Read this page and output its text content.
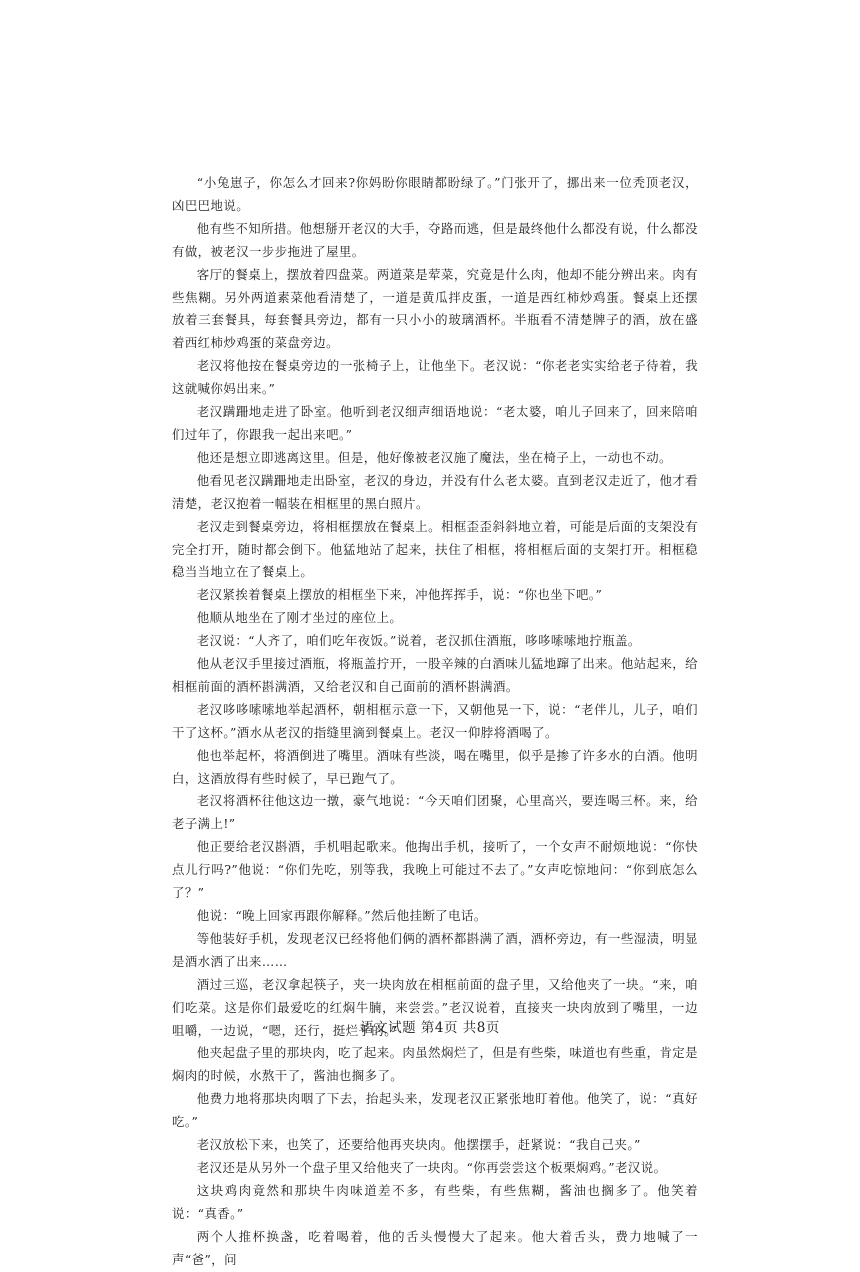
“小兔崽子，你怎么才回来?你妈盼你眼睛都盼绿了。”门张开了，挪出来一位秃顶老汉，凶巴巴地说。

他有些不知所措。他想掰开老汉的大手，夺路而逃，但是最终他什么都没有说，什么都没有做，被老汉一步步拖进了屋里。

客厅的餐桌上，摆放着四盘菜。两道菜是荤菜，究竟是什么肉，他却不能分辨出来。肉有些焦糊。另外两道素菜他看清楚了，一道是黄瓜拌皮蛋，一道是西红柿炒鸡蛋。餐桌上还摆放着三套餐具，每套餐具旁边，都有一只小小的玻璃酒杯。半瓶看不清楚牌子的酒，放在盛着西红柿炒鸡蛋的菜盘旁边。

老汉将他按在餐桌旁边的一张椅子上，让他坐下。老汉说：“你老老实实给老子待着，我这就喊你妈出来。”

老汉蹒跚地走进了卧室。他听到老汉细声细语地说：“老太婆，咱儿子回来了，回来陪咱们过年了，你跟我一起出来吧。”

他还是想立即逃离这里。但是，他好像被老汉施了魔法，坐在椅子上，一动也不动。

他看见老汉蹒跚地走出卧室，老汉的身边，并没有什么老太婆。直到老汉走近了，他才看清楚，老汉抱着一幅装在相框里的黑白照片。

老汉走到餐桌旁边，将相框摆放在餐桌上。相框歪歪斜斜地立着，可能是后面的支架没有完全打开，随时都会倒下。他猛地站了起来，扶住了相框，将相框后面的支架打开。相框稳稳当当地立在了餐桌上。

老汉紧挨着餐桌上摆放的相框坐下来，冲他挥挥手，说：“你也坐下吧。”

他顺从地坐在了刚才坐过的座位上。

老汉说：“人齐了，咱们吃年夜饭。”说着，老汉抓住酒瓶，哆哆嗦嗦地拧瓶盖。

他从老汉手里接过酒瓶，将瓶盖拧开，一股辛辣的白酒味儿猛地蹿了出来。他站起来，给相框前面的酒杯斟满酒，又给老汉和自己面前的酒杯斟满酒。

老汉哆哆嗦嗦地举起酒杯，朝相框示意一下，又朝他晃一下，说：“老伴儿，儿子，咱们干了这杯。”酒水从老汉的指缝里滴到餐桌上。老汉一仰脖将酒喝了。

他也举起杯，将酒倒进了嘴里。酒味有些淡，喝在嘴里，似乎是掺了许多水的白酒。他明白，这酒放得有些时候了，早已跑气了。

老汉将酒杯往他这边一撴，豪气地说：“今天咱们团聚，心里高兴，要连喝三杯。来，给老子满上!”

他正要给老汉斟酒，手机唱起歌来。他掏出手机，接听了，一个女声不耐烦地说：“你快点儿行吗?”他说：“你们先吃，别等我，我晚上可能过不去了。”女声吃惊地问：“你到底怎么了？”

他说：“晚上回家再跟你解释。”然后他挂断了电话。

等他装好手机，发现老汉已经将他们俩的酒杯都斟满了酒，酒杯旁边，有一些湿渍，明显是酒水洒了出来……

酒过三巡，老汉拿起筷子，夹一块肉放在相框前面的盘子里，又给他夹了一块。“来，咱们吃菜。这是你们最爱吃的红焖牛腩，来尝尝。”老汉说着，直接夹一块肉放到了嘴里，一边咀嚼，一边说，“嗯，还行，挺烂乎的。”

他夹起盘子里的那块肉，吃了起来。肉虽然焖烂了，但是有些柴，味道也有些重，肯定是焖肉的时候，水熬干了，酱油也搁多了。

他费力地将那块肉咽了下去，抬起头来，发现老汉正紧张地盯着他。他笑了，说：“真好吃。”

老汉放松下来，也笑了，还要给他再夹块肉。他摆摆手，赶紧说：“我自己夹。”

老汉还是从另外一个盘子里又给他夹了一块肉。“你再尝尝这个板栗焖鸡。”老汉说。

这块鸡肉竟然和那块牛肉味道差不多，有些柴，有些焦糊，酱油也搁多了。他笑着说：“真香。”

两个人推杯换盏，吃着喝着，他的舌头慢慢大了起来。他大着舌头，费力地喊了一声“爸”，问

语文试题 第4页 共8页
